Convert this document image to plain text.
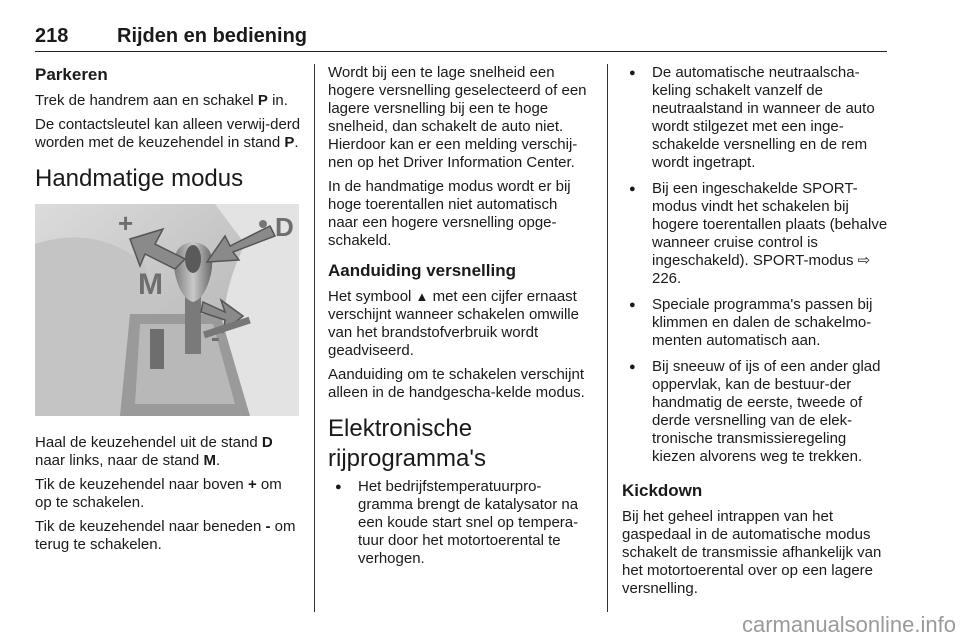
218 Rijden en bediening
Parkeren

Trek de handrem aan en schakel P in.

De contactsleutel kan alleen verwij-derd worden met de keuzehendel in stand P.

Handmatige modus
D
M
+
-

Haal de keuzehendel uit de stand D naar links, naar de stand M.

Tik de keuzehendel naar boven + om op te schakelen.

Tik de keuzehendel naar beneden - om terug te schakelen.

Wordt bij een te lage snelheid een hogere versnelling geselecteerd of een lagere versnelling bij een te hoge snelheid, dan schakelt de auto niet. Hierdoor kan er een melding verschij-nen op het Driver Information Center.

In de handmatige modus wordt er bij hoge toerentallen niet automatisch naar een hogere versnelling opge-schakeld.

Aanduiding versnelling

Het symbool ▲ met een cijfer ernaast verschijnt wanneer schakelen omwille van het brandstofverbruik wordt geadviseerd.

Aanduiding om te schakelen verschijnt alleen in de handgescha-kelde modus.

Elektronische
rijprogramma's
● Het bedrijfstemperatuurpro-gramma brengt de katalysator na een koude start snel op tempera-tuur door het motortoerental te verhogen.
● De automatische neutraalscha-keling schakelt vanzelf de neutraalstand in wanneer de auto wordt stilgezet met een inge-schakelde versnelling en de rem wordt ingetrapt.
● Bij een ingeschakelde SPORT-modus vindt het schakelen bij hogere toerentallen plaats (behalve wanneer cruise control is ingeschakeld). SPORT-modus ⇨ 226.
● Speciale programma's passen bij klimmen en dalen de schakelmo-menten automatisch aan.
● Bij sneeuw of ijs of een ander glad oppervlak, kan de bestuur-der handmatig de eerste, tweede of derde versnelling van de elek-tronische transmissieregeling kiezen alvorens weg te trekken.
Kickdown

Bij het geheel intrappen van het gaspedaal in de automatische modus schakelt de transmissie afhankelijk van het motortoerental over op een lagere versnelling.

carmanualsonline.info
